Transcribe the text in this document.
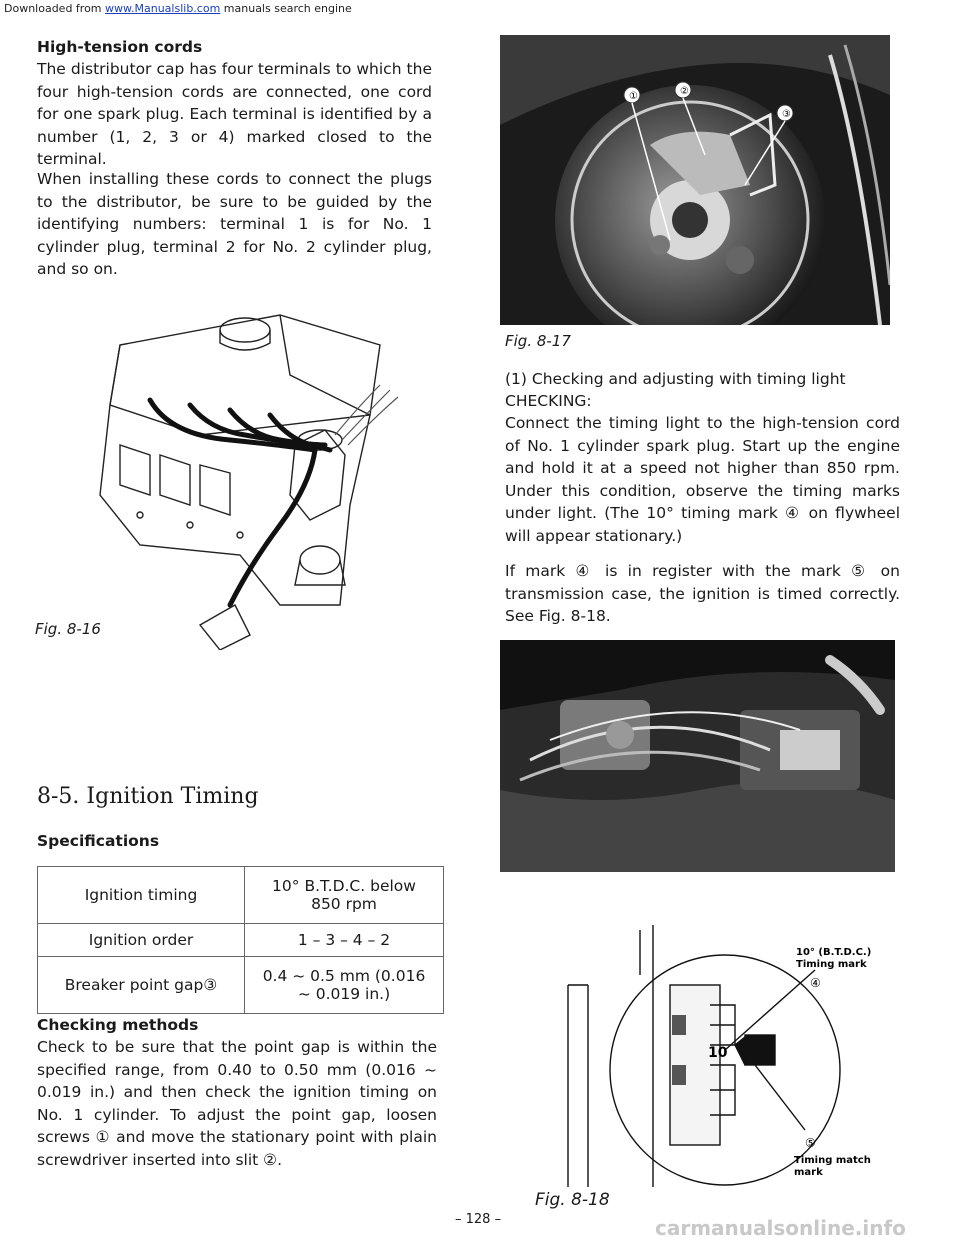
Downloaded from www.Manualslib.com manuals search engine
High-tension cords
The distributor cap has four terminals to which the four high-tension cords are connected, one cord for one spark plug. Each terminal is identified by a number (1, 2, 3 or 4) marked closed to the terminal.
When installing these cords to connect the plugs to the distributor, be sure to be guided by the identifying numbers: terminal 1 is for No. 1 cylinder plug, terminal 2 for No. 2 cylinder plug, and so on.
Fig. 8-16
8-5. Ignition Timing
Specifications
Ignition timing	10° B.T.D.C. below 850 rpm
Ignition order	1 – 3 – 4 – 2
Breaker point gap③	0.4 ~ 0.5 mm (0.016 ~ 0.019 in.)
Checking methods
Check to be sure that the point gap is within the specified range, from 0.40 to 0.50 mm (0.016 ~ 0.019 in.) and then check the ignition timing on No. 1 cylinder. To adjust the point gap, loosen screws ① and move the stationary point with plain screwdriver inserted into slit ②.
①	②
③
Fig. 8-17
(1) Checking and adjusting with timing light
CHECKING:
Connect the timing light to the high-tension cord of No. 1 cylinder spark plug. Start up the engine and hold it at a speed not higher than 850 rpm. Under this condition, observe the timing marks under light. (The 10° timing mark ④ on flywheel will appear stationary.)
If mark ④ is in register with the mark ⑤ on transmission case, the ignition is timed correctly. See Fig. 8-18.
10
10° (B.T.D.C.)
Timing mark
④
⑤
Timing match
mark
Fig. 8-18
– 128 –	carmanualsonline.info
